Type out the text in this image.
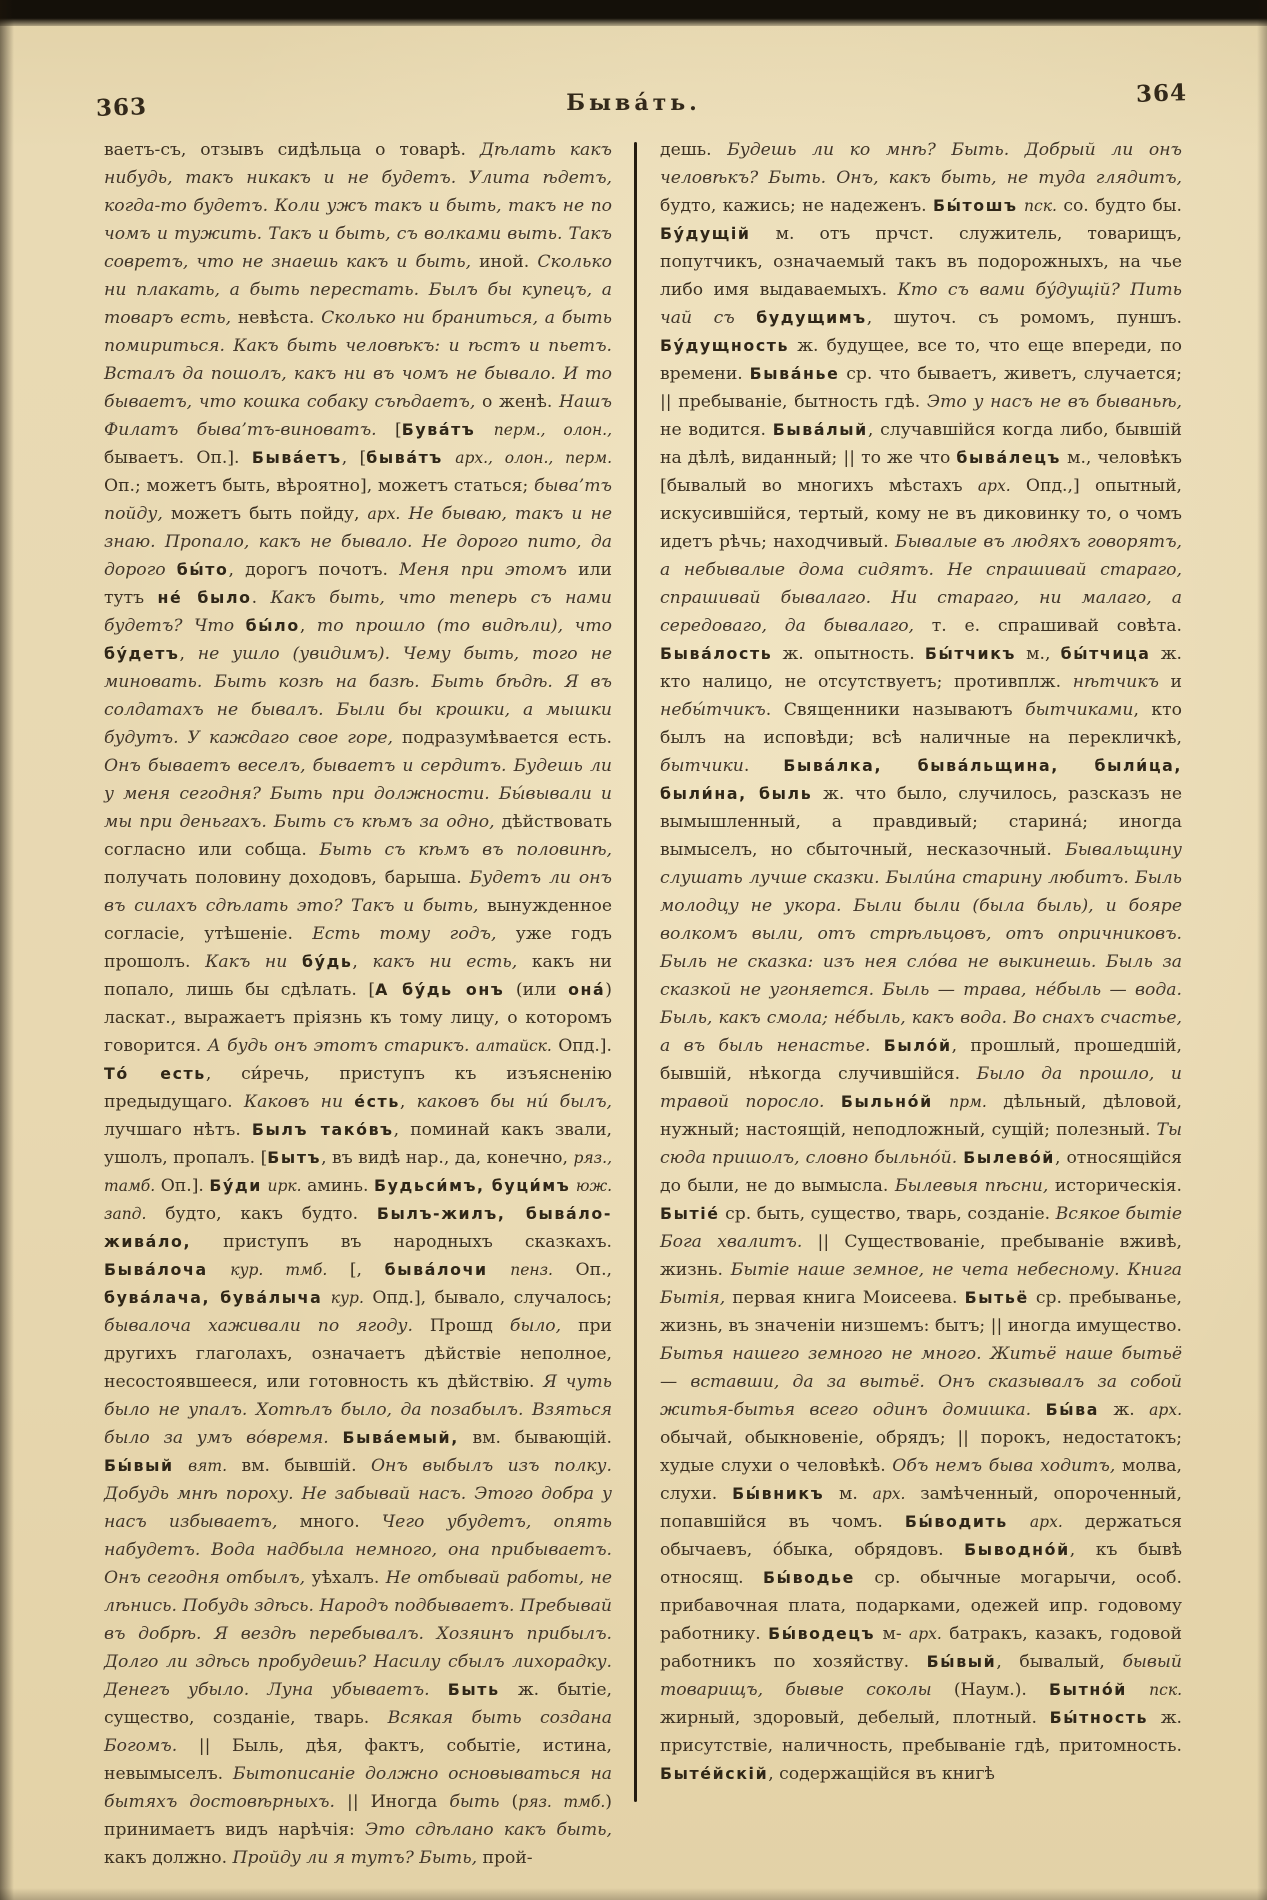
363	Быва́ть.	364

ваетъ-съ, отзывъ сидѣльца о товарѣ. Дѣлать какъ нибудь, такъ никакъ и не будетъ. Улита ѣдетъ, когда-то будетъ. Коли ужъ такъ и быть, такъ не по чомъ и тужить. Такъ и быть, съ волками выть. Такъ совретъ, что не знаешь какъ и быть, иной. Сколько ни плакать, а быть перестать. Былъ бы купецъ, а товаръ есть, невѣста. Сколько ни браниться, а быть помириться. Какъ быть человѣкъ: и ѣстъ и пьетъ. Всталъ да пошолъ, какъ ни въ чомъ не бывало. И то бываетъ, что кошка собаку съѣдаетъ, о женѣ. Нашъ Филатъ быва’тъ-виноватъ. [Бува́тъ перм., олон., бываетъ. Оп.]. Быва́етъ, [быва́тъ арх., олон., перм. Оп.; можетъ быть, вѣроятно], можетъ статься; быва’тъ пойду, можетъ быть пойду, арх. Не бываю, такъ и не знаю. Пропало, какъ не бывало. Не дорого пито, да дорого бы́то, дорогъ почотъ. Меня при этомъ или тутъ не́ было. Какъ быть, что теперь съ нами будетъ? Что бы́ло, то прошло (то видѣли), что бу́детъ, не ушло (увидимъ). Чему быть, того не миновать. Быть козѣ на базѣ. Быть бѣдѣ. Я въ солдатахъ не бывалъ. Были бы крошки, а мышки будутъ. У каждаго свое горе, подразумѣвается есть. Онъ бываетъ веселъ, бываетъ и сердитъ. Будешь ли у меня сегодня? Быть при должности. Бы́вывали и мы при деньгахъ. Быть съ кѣмъ за одно, дѣйствовать согласно или собща. Быть съ кѣмъ въ половинѣ, получать половину доходовъ, барыша. Будетъ ли онъ въ силахъ сдѣлать это? Такъ и быть, вынужденное согласіе, утѣшеніе. Есть тому годъ, уже годъ прошолъ. Какъ ни бу́дь, какъ ни есть, какъ ни попало, лишь бы сдѣлать. [А бу́дь онъ (или она́) ласкат., выражаетъ пріязнь къ тому лицу, о которомъ говорится. А будь онъ этотъ старикъ. алтайск. Опд.]. То́ есть, си́речь, приступъ къ изъясненію предыдущаго. Каковъ ни е́сть, каковъ бы ни́ былъ, лучшаго нѣтъ. Былъ тако́въ, поминай какъ звали, ушолъ, пропалъ. [Бытъ, въ видѣ нар., да, конечно, ряз., тамб. Оп.]. Бу́ди ирк. аминь. Будьси́мъ, буци́мъ юж. запд. будто, какъ будто. Былъ-жилъ, быва́ло-жива́ло, приступъ въ народныхъ сказкахъ. Быва́лоча кур. тмб. [, быва́лочи пенз. Оп., бува́лача, бува́лыча кур. Опд.], бывало, случалось; бывалоча хаживали по ягоду. Прошд было, при другихъ глаголахъ, означаетъ дѣйствіе неполное, несостоявшееся, или готовность къ дѣйствію. Я чуть было не упалъ. Хотѣлъ было, да позабылъ. Взяться было за умъ во́время. Быва́емый, вм. бывающій. Бы́вый вят. вм. бывшій. Онъ выбылъ изъ полку. Добудь мнѣ пороху. Не забывай насъ. Этого добра у насъ избываетъ, много. Чего убудетъ, опять набудетъ. Вода надбыла немного, она прибываетъ. Онъ сегодня отбылъ, уѣхалъ. Не отбывай работы, не лѣнись. Побудь здѣсь. Народъ подбываетъ. Пребывай въ добрѣ. Я вездѣ перебывалъ. Хозяинъ прибылъ. Долго ли здѣсь пробудешь? Насилу сбылъ лихорадку. Денегъ убыло. Луна убываетъ. Быть ж. бытіе, существо, созданіе, тварь. Всякая быть создана Богомъ. || Быль, дѣя, фактъ, событіе, истина, невымыселъ. Бытописаніе должно основываться на бытяхъ достовѣрныхъ. || Иногда быть (ряз. тмб.) принимаетъ видъ нарѣчія: Это сдѣлано какъ быть, какъ должно. Пройду ли я тутъ? Быть, прой-

дешь. Будешь ли ко мнѣ? Быть. Добрый ли онъ человѣкъ? Быть. Онъ, какъ быть, не туда глядитъ, будто, кажись; не надеженъ. Бы́тошъ пск. со. будто бы. Бу́дущій м. отъ прчст. служитель, товарищъ, попутчикъ, означаемый такъ въ подорожныхъ, на чье либо имя выдаваемыхъ. Кто съ вами бу́дущій? Пить чай съ будущимъ, шуточ. съ ромомъ, пуншъ. Бу́дущность ж. будущее, все то, что еще впереди, по времени. Быва́нье ср. что бываетъ, живетъ, случается; || пребываніе, бытность гдѣ. Это у насъ не въ бываньѣ, не водится. Быва́лый, случавшійся когда либо, бывшій на дѣлѣ, виданный; || то же что быва́лецъ м., человѣкъ [бывалый во многихъ мѣстахъ арх. Опд.,] опытный, искусившійся, тертый, кому не въ диковинку то, о чомъ идетъ рѣчь; находчивый. Бывалые въ людяхъ говорятъ, а небывалые дома сидятъ. Не спрашивай стараго, спрашивай бывалаго. Ни стараго, ни малаго, а середоваго, да бывалаго, т. е. спрашивай совѣта. Быва́лость ж. опытность. Бы́тчикъ м., бы́тчица ж. кто налицо, не отсутствуетъ; противплж. нѣтчикъ и небы́тчикъ. Священники называютъ бытчиками, кто былъ на исповѣди; всѣ наличные на перекличкѣ, бытчики. Быва́лка, быва́льщина, были́ца, были́на, быль ж. что было, случилось, разсказъ не вымышленный, а правдивый; старина́; иногда вымыселъ, но сбыточный, несказочный. Бывальщину слушать лучше сказки. Были́на старину любитъ. Быль молодцу не укора. Были были (была быль), и бояре волкомъ выли, отъ стрѣльцовъ, отъ опричниковъ. Быль не сказка: изъ нея сло́ва не выкинешь. Быль за сказкой не угоняется. Быль — трава, не́быль — вода. Быль, какъ смола; не́быль, какъ вода. Во снахъ счастье, а въ быль ненастье. Было́й, прошлый, прошедшій, бывшій, нѣкогда случившійся. Было да прошло, и травой поросло. Быльно́й прм. дѣльный, дѣловой, нужный; настоящій, неподложный, сущій; полезный. Ты сюда пришолъ, словно быльно́й. Былево́й, относящійся до были, не до вымысла. Былевыя пѣсни, историческія. Бытіе́ ср. быть, существо, тварь, созданіе. Всякое бытіе Бога хвалитъ. || Существованіе, пребываніе вживѣ, жизнь. Бытіе наше земное, не чета небесному. Книга Бытія, первая книга Моисеева. Бытьё ср. пребыванье, жизнь, въ значеніи низшемъ: бытъ; || иногда имущество. Бытья нашего земного не много. Житьё наше бытьё — вставши, да за вытьё. Онъ сказывалъ за собой житья-бытья всего одинъ домишка. Бы́ва ж. арх. обычай, обыкновеніе, обрядъ; || порокъ, недостатокъ; худые слухи о человѣкѣ. Объ немъ быва ходитъ, молва, слухи. Бы́вникъ м. арх. замѣченный, опороченный, попавшійся въ чомъ. Бы́водить арх. держаться обычаевъ, о́быка, обрядовъ. Быводно́й, къ бывѣ относящ. Бы́водье ср. обычные могарычи, особ. прибавочная плата, подарками, одежей ипр. годовому работнику. Бы́водецъ м- арх. батракъ, казакъ, годовой работникъ по хозяйству. Бы́вый, бывалый, бывый товарищъ, бывые соколы (Наум.). Бытно́й пск. жирный, здоровый, дебелый, плотный. Бы́тность ж. присутствіе, наличность, пребываніе гдѣ, притомность. Быте́йскій, содержащійся въ книгѣ
